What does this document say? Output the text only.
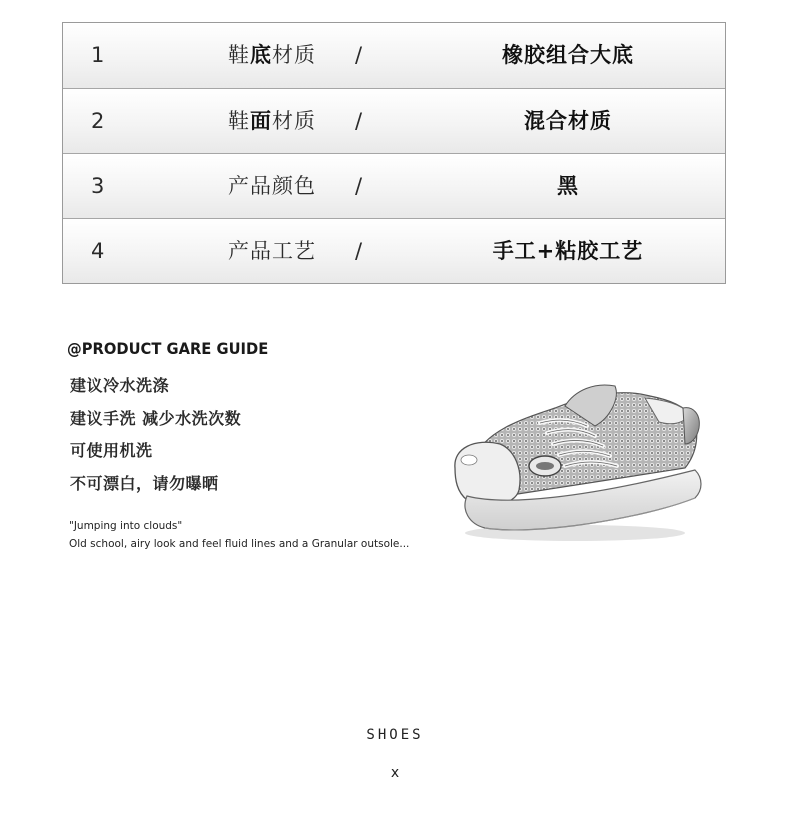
1	鞋底材质 /	橡胶组合大底
2	鞋面材质 /	混合材质
3	产品颜色 /	黑
4	产品工艺 /	手工+粘胶工艺
@PRODUCT GARE GUIDE
建议冷水洗涤
建议手洗 减少水洗次数
可使用机洗
不可漂白，请勿曝晒
"Jumping into clouds"
Old school, airy look and feel fluid lines and a Granular outsole...
SHOES
x
